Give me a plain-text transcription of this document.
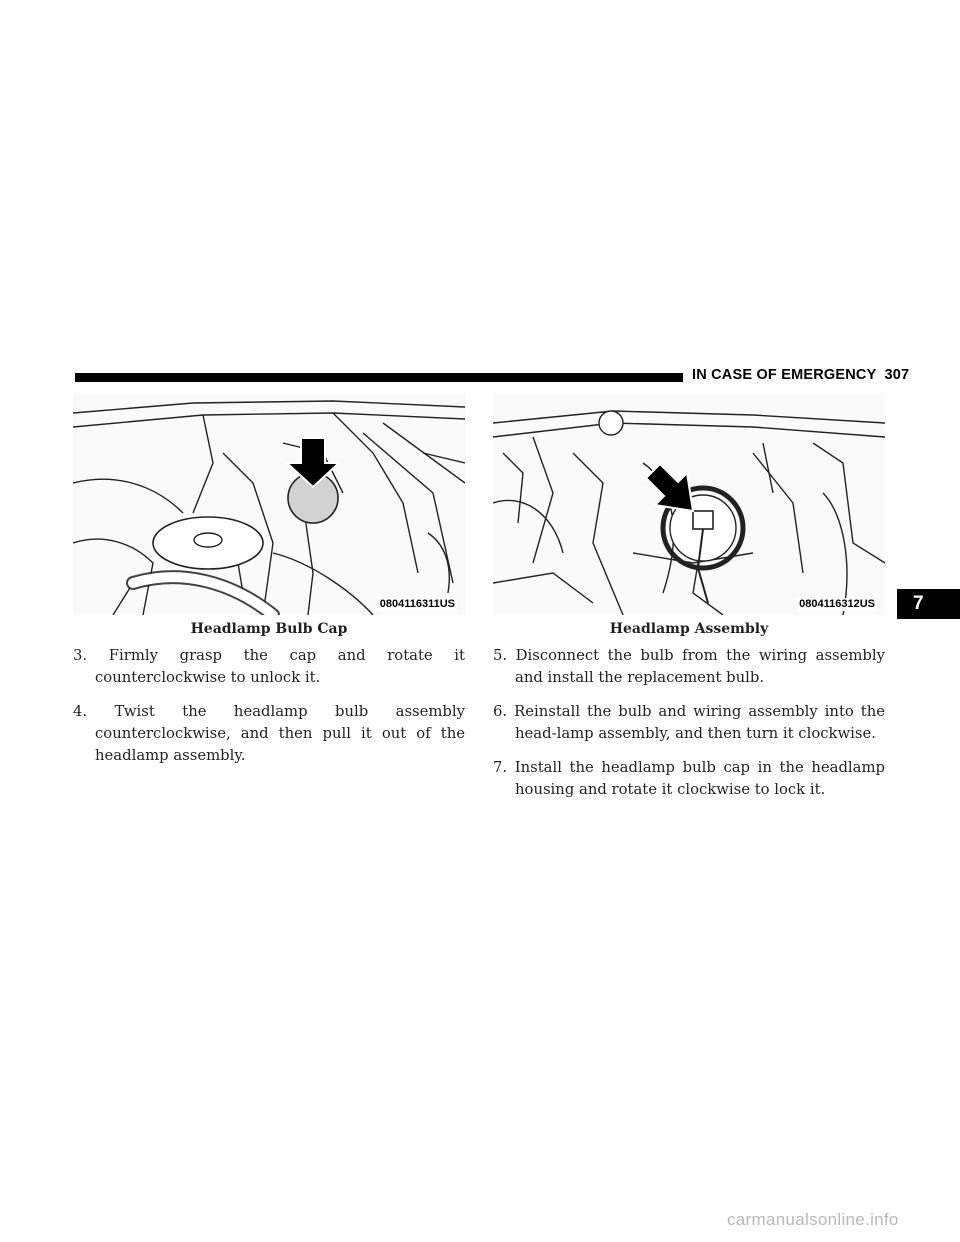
IN CASE OF EMERGENCY 307
0804116311US
Headlamp Bulb Cap
0804116312US
Headlamp Assembly

3. Firmly grasp the cap and rotate it counterclockwise to unlock it.

4. Twist the headlamp bulb assembly counterclockwise, and then pull it out of the headlamp assembly.

5. Disconnect the bulb from the wiring assembly and install the replacement bulb.

6. Reinstall the bulb and wiring assembly into the head-lamp assembly, and then turn it clockwise.

7. Install the headlamp bulb cap in the headlamp housing and rotate it clockwise to lock it.

7
carmanualsonline.info
